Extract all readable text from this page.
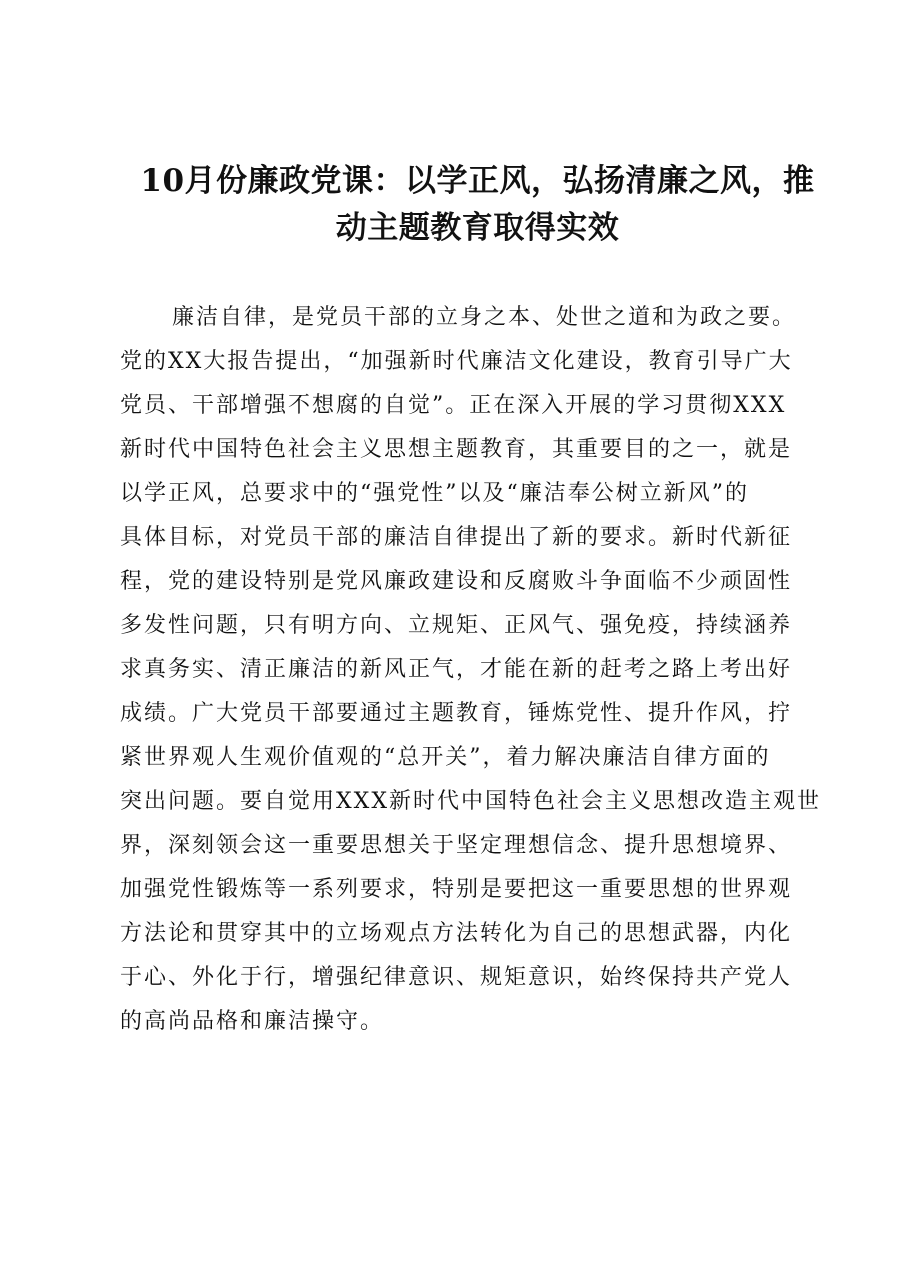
10月份廉政党课：以学正风，弘扬清廉之风，推
动主题教育取得实效
廉洁自律，是党员干部的立身之本、处世之道和为政之要。
党的XX大报告提出，“加强新时代廉洁文化建设，教育引导广大
党员、干部增强不想腐的自觉”。正在深入开展的学习贯彻XXX
新时代中国特色社会主义思想主题教育，其重要目的之一，就是
以学正风，总要求中的“强党性”以及“廉洁奉公树立新风”的
具体目标，对党员干部的廉洁自律提出了新的要求。新时代新征
程，党的建设特别是党风廉政建设和反腐败斗争面临不少顽固性
多发性问题，只有明方向、立规矩、正风气、强免疫，持续涵养
求真务实、清正廉洁的新风正气，才能在新的赶考之路上考出好
成绩。广大党员干部要通过主题教育，锤炼党性、提升作风，拧
紧世界观人生观价值观的“总开关”，着力解决廉洁自律方面的
突出问题。要自觉用XXX新时代中国特色社会主义思想改造主观世
界，深刻领会这一重要思想关于坚定理想信念、提升思想境界、
加强党性锻炼等一系列要求，特别是要把这一重要思想的世界观
方法论和贯穿其中的立场观点方法转化为自己的思想武器，内化
于心、外化于行，增强纪律意识、规矩意识，始终保持共产党人
的高尚品格和廉洁操守。
